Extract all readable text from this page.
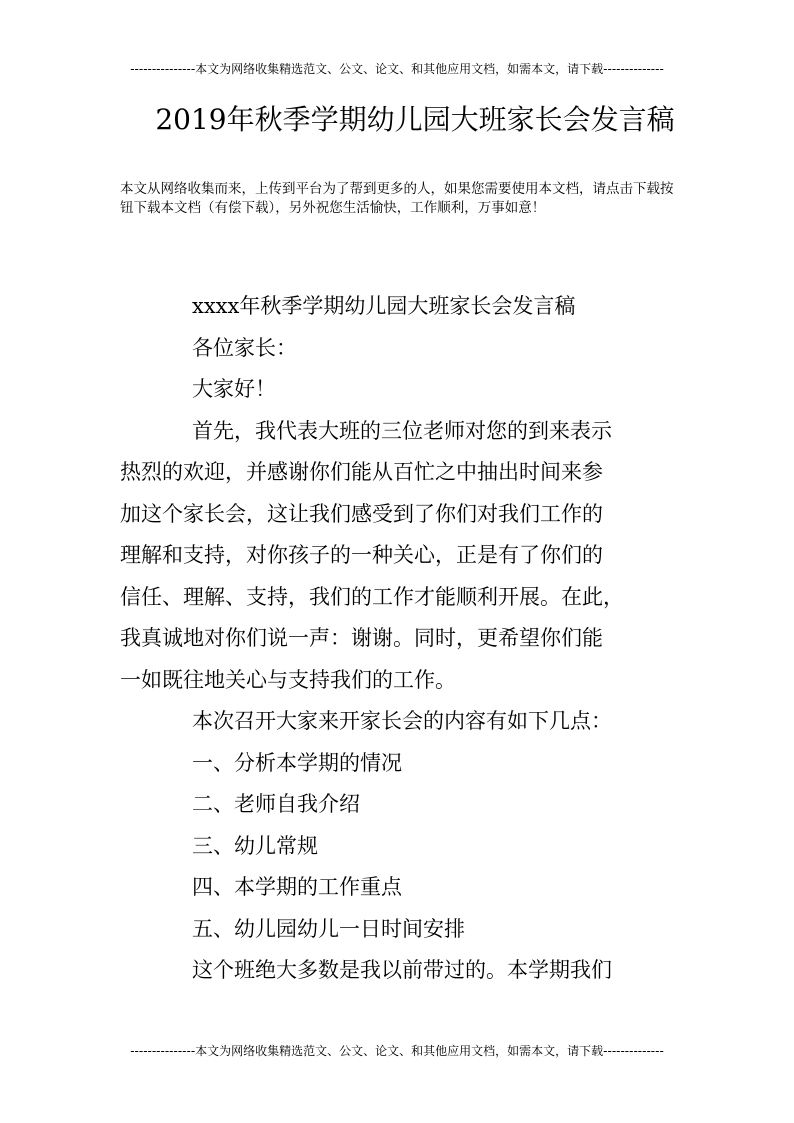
---------------本文为网络收集精选范文、公文、论文、和其他应用文档，如需本文，请下载--------------
2019年秋季学期幼儿园大班家长会发言稿

本文从网络收集而来，上传到平台为了帮到更多的人，如果您需要使用本文档，请点击下载按钮下载本文档（有偿下载），另外祝您生活愉快，工作顺利，万事如意！

xxxx年秋季学期幼儿园大班家长会发言稿

各位家长：

大家好！

首先，我代表大班的三位老师对您的到来表示
热烈的欢迎，并感谢你们能从百忙之中抽出时间来参
加这个家长会，这让我们感受到了你们对我们工作的
理解和支持，对你孩子的一种关心，正是有了你们的
信任、理解、支持，我们的工作才能顺利开展。在此，
我真诚地对你们说一声：谢谢。同时，更希望你们能
一如既往地关心与支持我们的工作。

本次召开大家来开家长会的内容有如下几点：

一、分析本学期的情况

二、老师自我介绍

三、幼儿常规

四、本学期的工作重点

五、幼儿园幼儿一日时间安排

这个班绝大多数是我以前带过的。本学期我们

---------------本文为网络收集精选范文、公文、论文、和其他应用文档，如需本文，请下载--------------
